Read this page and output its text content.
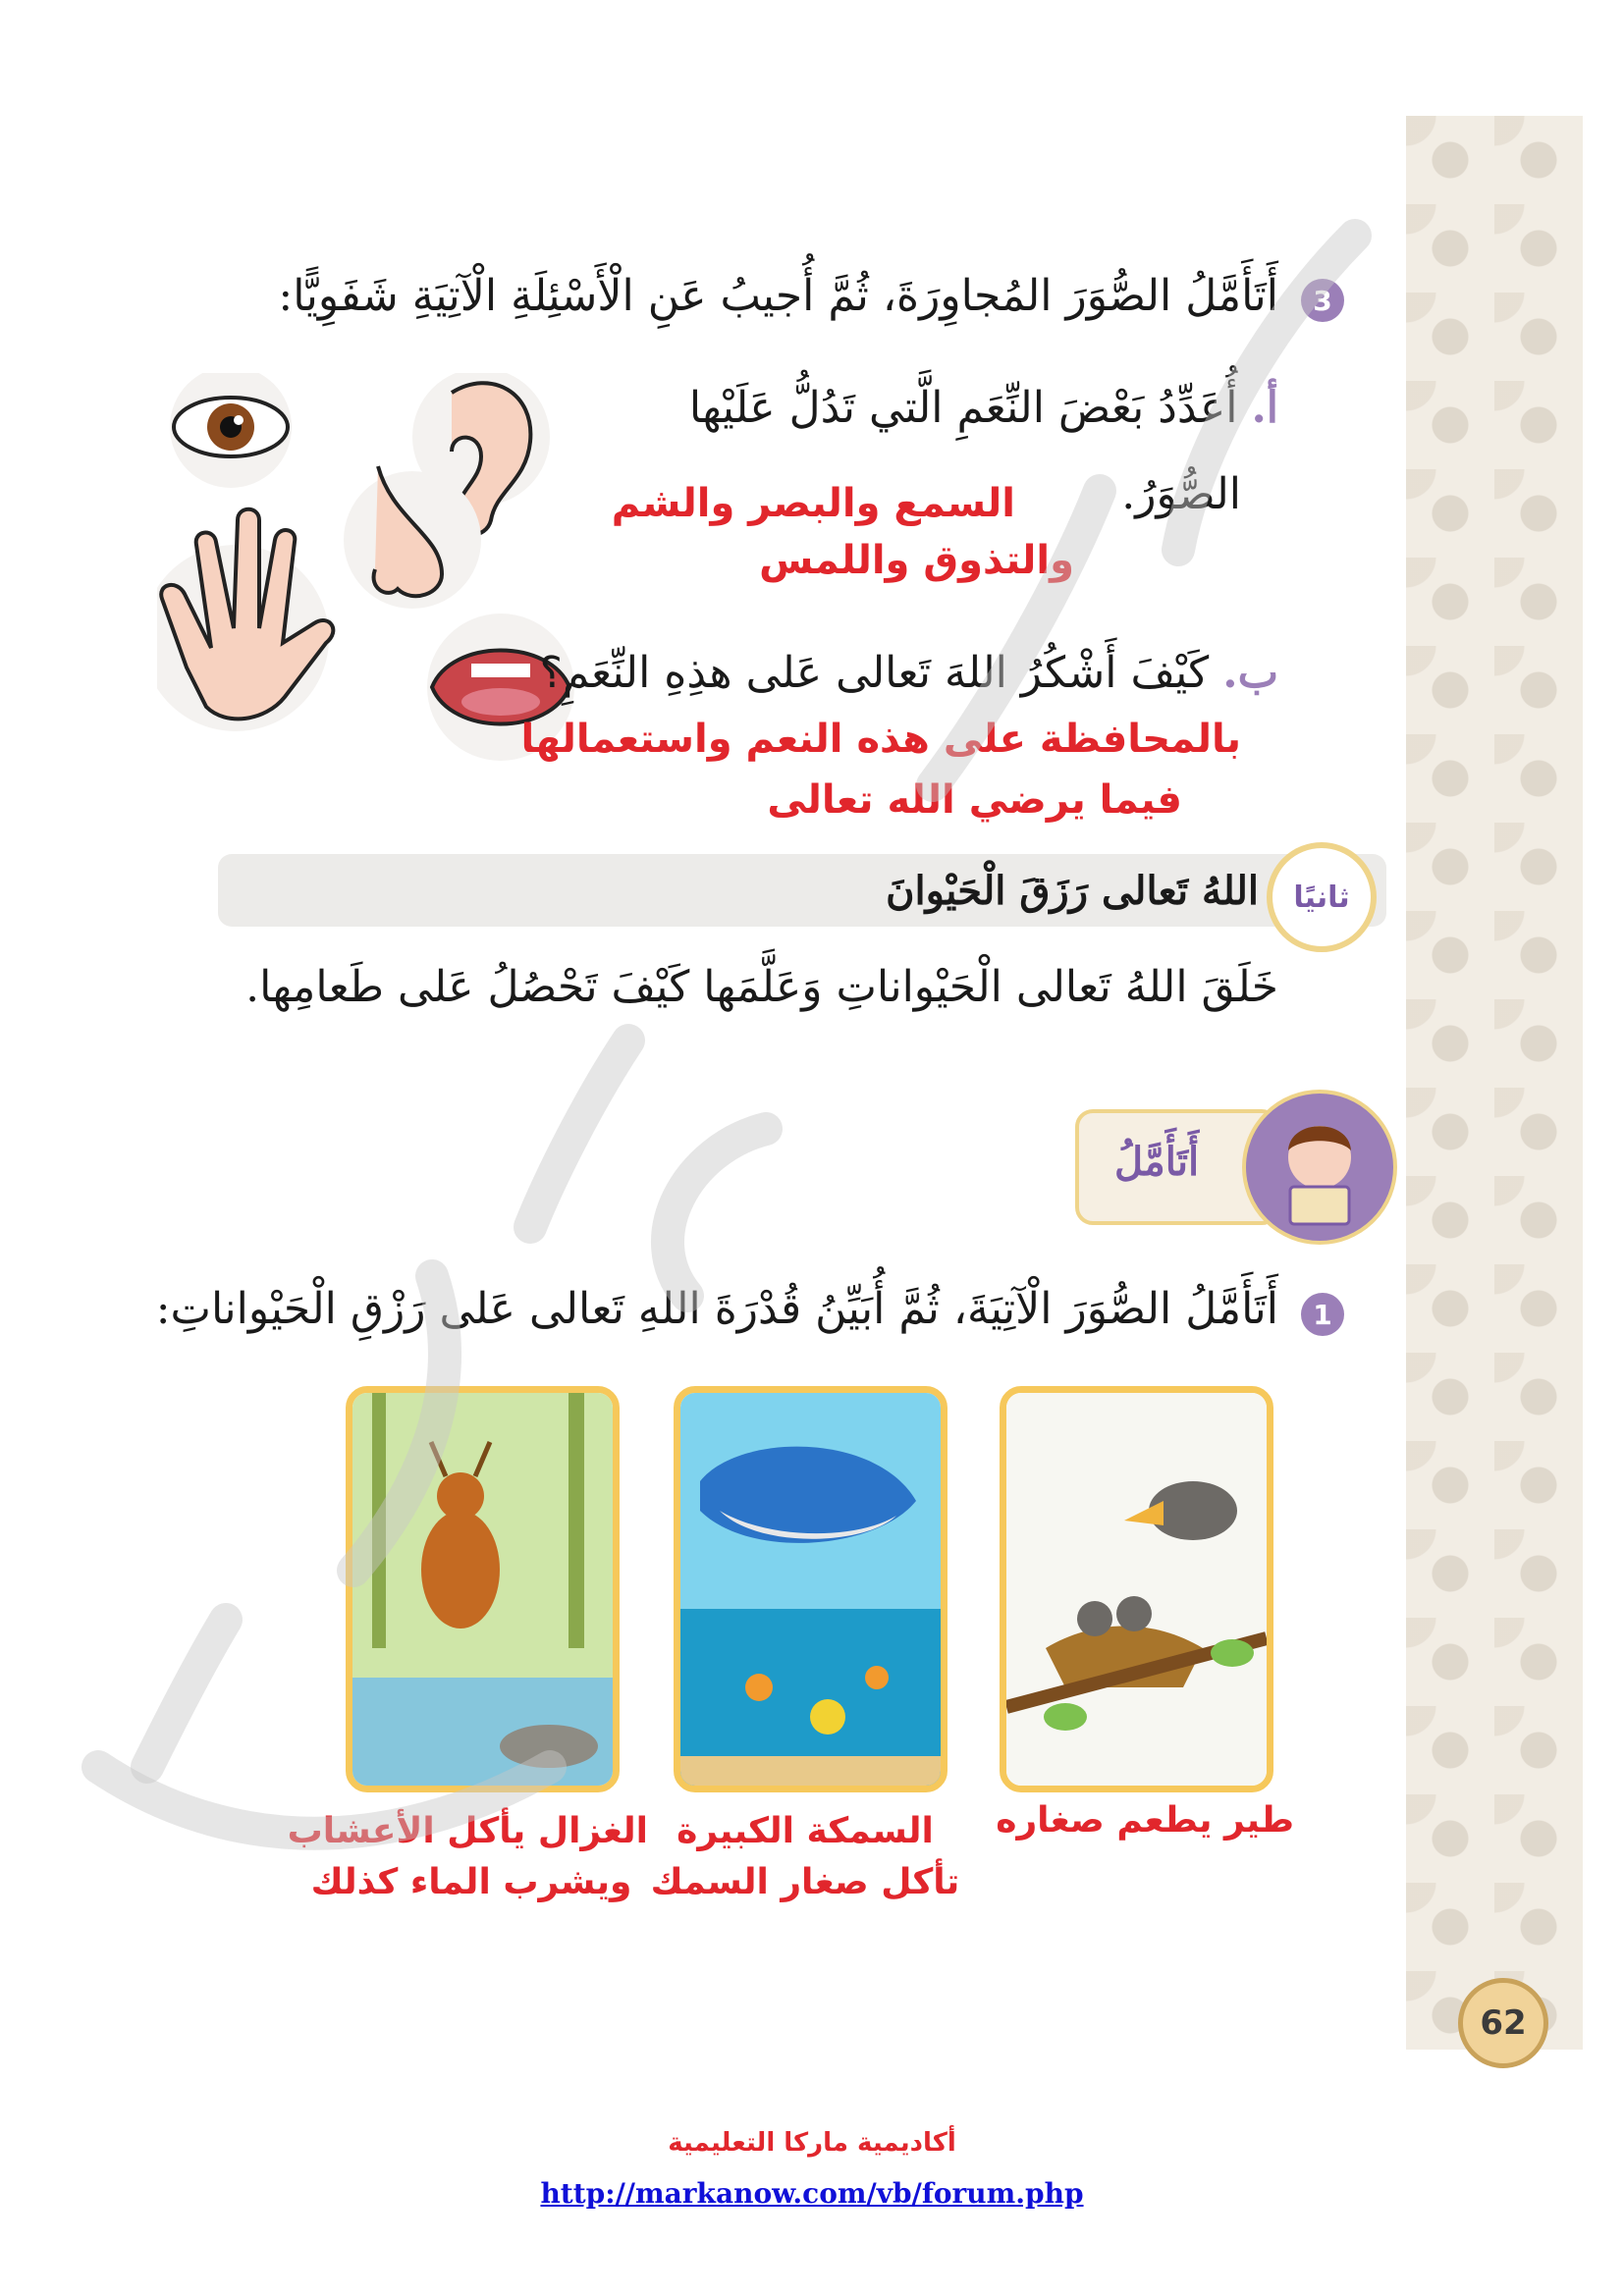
3
أَتَأَمَّلُ الصُّوَرَ المُجاوِرَةَ، ثُمَّ أُجيبُ عَنِ الْأَسْئِلَةِ الْآتِيَةِ شَفَوِيًّا:
أ. أُعَدِّدُ بَعْضَ النِّعَمِ الَّتي تَدُلُّ عَلَيْها
الصُّوَرُ.
السمع والبصر والشم
والتذوق واللمس
ب. كَيْفَ أَشْكُرُ اللهَ تَعالى عَلى هذِهِ النِّعَمِ؟
بالمحافظة على هذه النعم واستعمالها
فيما يرضي الله تعالى
ثانيًا
اللهُ تَعالى رَزَقَ الْحَيْوانَ
خَلَقَ اللهُ تَعالى الْحَيْواناتِ وَعَلَّمَها كَيْفَ تَحْصُلُ عَلى طَعامِها.
أَتَأَمَّلُ
1
أَتَأَمَّلُ الصُّوَرَ الْآتِيَةَ، ثُمَّ أُبَيِّنُ قُدْرَةَ اللهِ تَعالى عَلى رَزْقِ الْحَيْواناتِ:
طير يطعم صغاره
السمكة الكبيرة
تأكل صغار السمك
الغزال يأكل الأعشاب
ويشرب الماء كذلك
62
أكاديمية ماركا التعليمية
http://markanow.com/vb/forum.php
